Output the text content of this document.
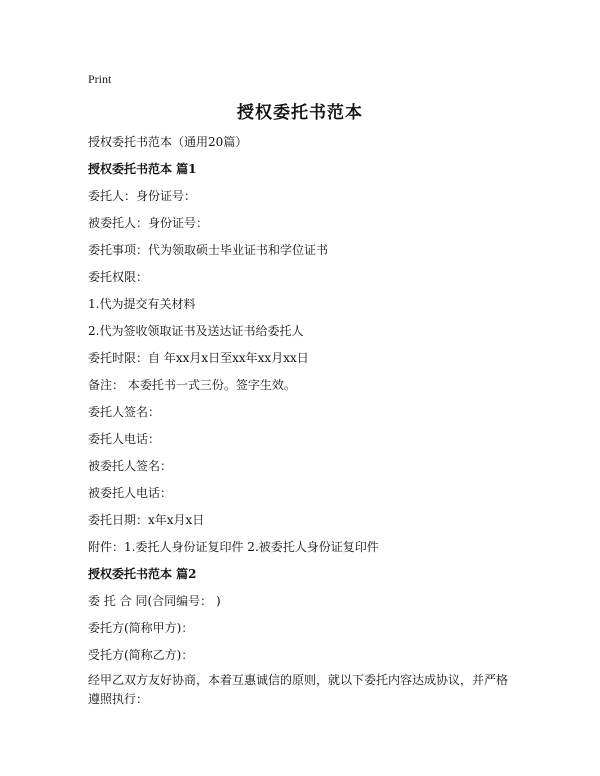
Print
授权委托书范本
授权委托书范本（通用20篇）
授权委托书范本 篇1
委托人：身份证号：
被委托人：身份证号：
委托事项：代为领取硕士毕业证书和学位证书
委托权限：
1.代为提交有关材料
2.代为签收领取证书及送达证书给委托人
委托时限：自 年xx月x日至xx年xx月xx日
备注： 本委托书一式三份。签字生效。
委托人签名：
委托人电话：
被委托人签名：
被委托人电话：
委托日期：x年x月x日
附件：1.委托人身份证复印件 2.被委托人身份证复印件
授权委托书范本 篇2
委 托 合 同(合同编号： )
委托方(简称甲方)：
受托方(简称乙方)：
经甲乙双方友好协商，本着互惠诚信的原则，就以下委托内容达成协议，并严格遵照执行：
